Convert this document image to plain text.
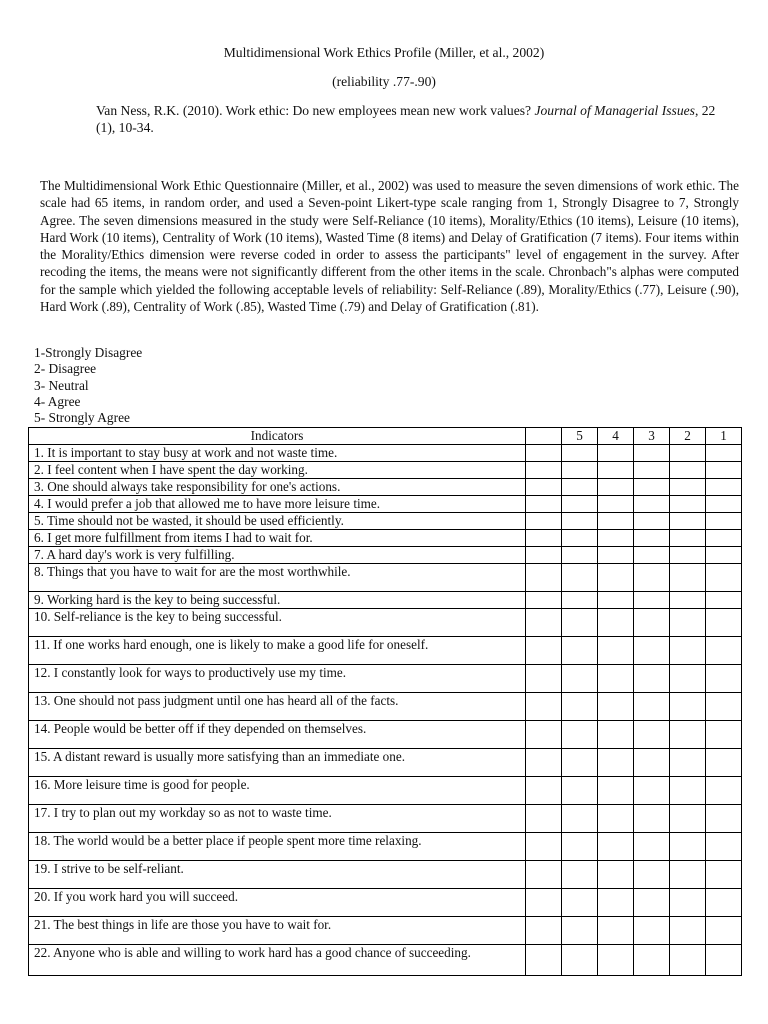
Multidimensional Work Ethics Profile (Miller, et al., 2002)
(reliability .77-.90)
Van Ness, R.K. (2010). Work ethic: Do new employees mean new work values? Journal of Managerial Issues, 22 (1), 10-34.
The Multidimensional Work Ethic Questionnaire (Miller, et al., 2002) was used to measure the seven dimensions of work ethic. The scale had 65 items, in random order, and used a Seven-point Likert-type scale ranging from 1, Strongly Disagree to 7, Strongly Agree. The seven dimensions measured in the study were Self-Reliance (10 items), Morality/Ethics (10 items), Leisure (10 items), Hard Work (10 items), Centrality of Work (10 items), Wasted Time (8 items) and Delay of Gratification (7 items). Four items within the Morality/Ethics dimension were reverse coded in order to assess the participants" level of engagement in the survey. After recoding the items, the means were not significantly different from the other items in the scale. Chronbach"s alphas were computed for the sample which yielded the following acceptable levels of reliability: Self-Reliance (.89), Morality/Ethics (.77), Leisure (.90), Hard Work (.89), Centrality of Work (.85), Wasted Time (.79) and Delay of Gratification (.81).
1-Strongly Disagree
2- Disagree
3- Neutral
4- Agree
5- Strongly Agree
Indicators		5	4	3	2	1
1. It is important to stay busy at work and not waste time.						
2. I feel content when I have spent the day working.						
3. One should always take responsibility for one's actions.						
4. I would prefer a job that allowed me to have more leisure time.						
5. Time should not be wasted, it should be used efficiently.						
6. I get more fulfillment from items I had to wait for.						
7. A hard day's work is very fulfilling.						
8. Things that you have to wait for are the most worthwhile.						
9. Working hard is the key to being successful.						
10. Self-reliance is the key to being successful.						
11. If one works hard enough, one is likely to make a good life for oneself.						
12. I constantly look for ways to productively use my time.						
13. One should not pass judgment until one has heard all of the facts.						
14. People would be better off if they depended on themselves.						
15. A distant reward is usually more satisfying than an immediate one.						
16. More leisure time is good for people.						
17. I try to plan out my workday so as not to waste time.						
18. The world would be a better place if people spent more time relaxing.						
19. I strive to be self-reliant.						
20. If you work hard you will succeed.						
21. The best things in life are those you have to wait for.						
22. Anyone who is able and willing to work hard has a good chance of succeeding.						
